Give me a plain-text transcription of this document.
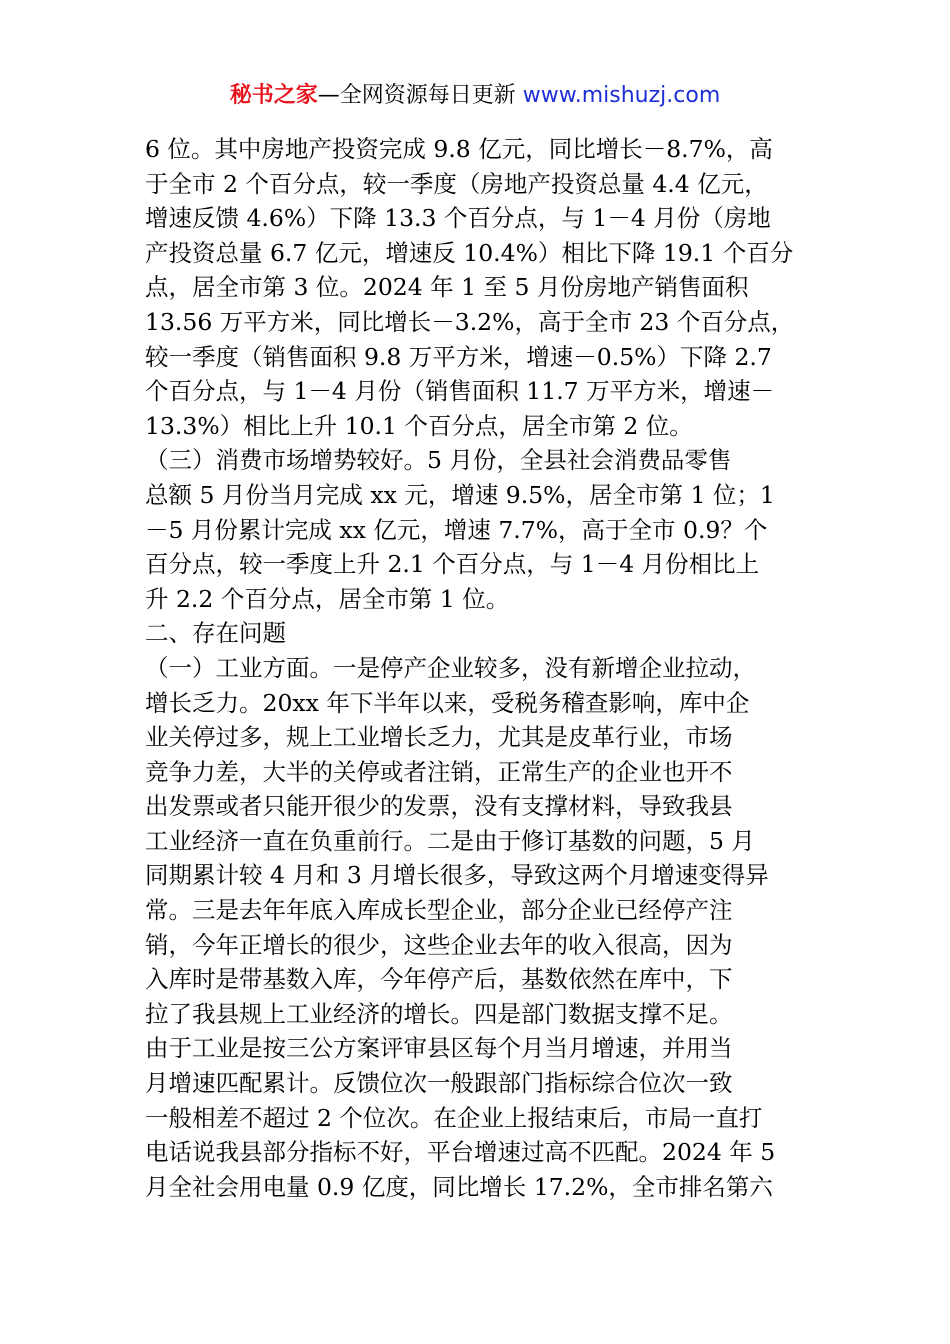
秘书之家—全网资源每日更新 www.mishuzj.com
6 位。其中房地产投资完成 9.8 亿元，同比增长－8.7%，高
于全市 2 个百分点，较一季度（房地产投资总量 4.4 亿元，
增速反馈 4.6%）下降 13.3 个百分点，与 1－4 月份（房地
产投资总量 6.7 亿元，增速反 10.4%）相比下降 19.1 个百分
点，居全市第 3 位。2024 年 1 至 5 月份房地产销售面积
13.56 万平方米，同比增长－3.2%，高于全市 23 个百分点，
较一季度（销售面积 9.8 万平方米，增速－0.5%）下降 2.7
个百分点，与 1－4 月份（销售面积 11.7 万平方米，增速－
13.3%）相比上升 10.1 个百分点，居全市第 2 位。
（三）消费市场增势较好。5 月份，全县社会消费品零售
总额 5 月份当月完成 xx 元，增速 9.5%，居全市第 1 位；1
－5 月份累计完成 xx 亿元，增速 7.7%，高于全市 0.9？个
百分点，较一季度上升 2.1 个百分点，与 1－4 月份相比上
升 2.2 个百分点，居全市第 1 位。
二、存在问题
（一）工业方面。一是停产企业较多，没有新增企业拉动，
增长乏力。20xx 年下半年以来，受税务稽查影响，库中企
业关停过多，规上工业增长乏力，尤其是皮革行业，市场
竞争力差，大半的关停或者注销，正常生产的企业也开不
出发票或者只能开很少的发票，没有支撑材料，导致我县
工业经济一直在负重前行。二是由于修订基数的问题，5 月
同期累计较 4 月和 3 月增长很多，导致这两个月增速变得异
常。三是去年年底入库成长型企业，部分企业已经停产注
销，今年正增长的很少，这些企业去年的收入很高，因为
入库时是带基数入库，今年停产后，基数依然在库中，下
拉了我县规上工业经济的增长。四是部门数据支撑不足。
由于工业是按三公方案评审县区每个月当月增速，并用当
月增速匹配累计。反馈位次一般跟部门指标综合位次一致
一般相差不超过 2 个位次。在企业上报结束后，市局一直打
电话说我县部分指标不好，平台增速过高不匹配。2024 年 5
月全社会用电量 0.9 亿度，同比增长 17.2%，全市排名第六
